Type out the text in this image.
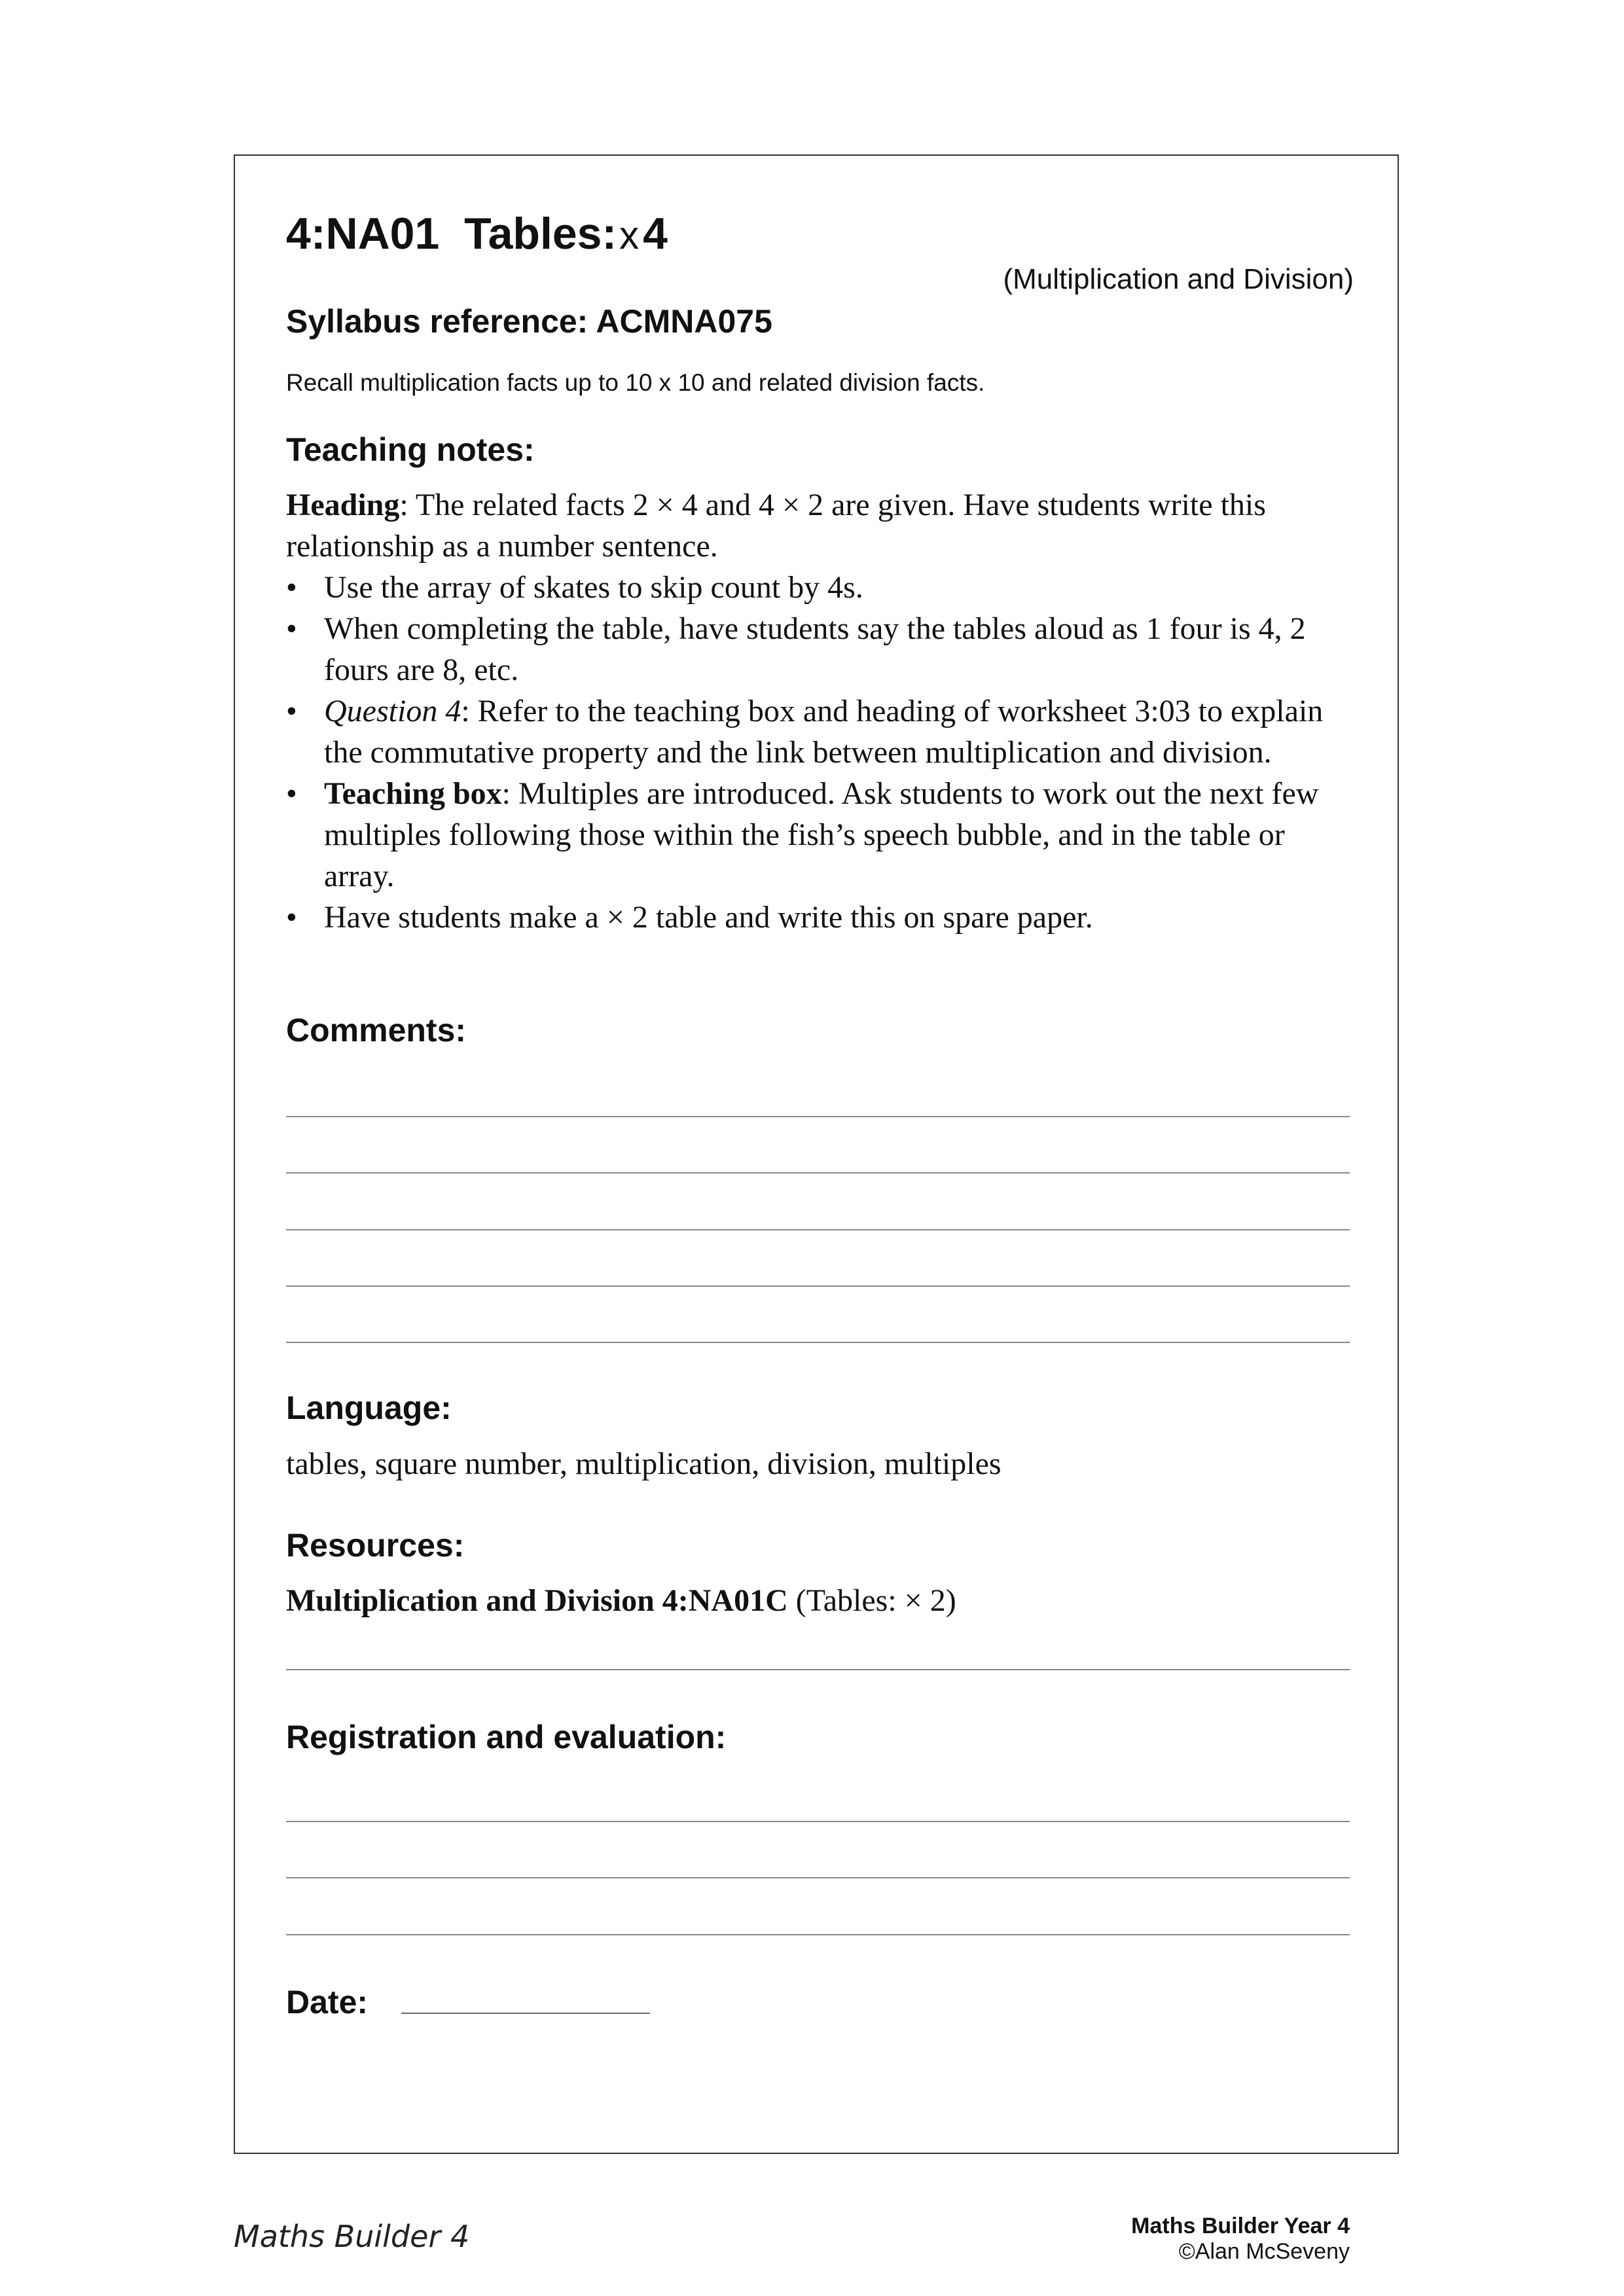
4:NA01 Tables:x4
(Multiplication and Division)
Syllabus reference: ACMNA075
Recall multiplication facts up to 10 x 10 and related division facts.
Teaching notes:

Heading: The related facts 2 × 4 and 4 × 2 are given. Have students write this relationship as a number sentence.

• Use the array of skates to skip count by 4s.
• When completing the table, have students say the tables aloud as 1 four is 4, 2 fours are 8, etc.
• Question 4: Refer to the teaching box and heading of worksheet 3:03 to explain the commutative property and the link between multiplication and division.
• Teaching box: Multiples are introduced. Ask students to work out the next few multiples following those within the fish’s speech bubble, and in the table or array.
• Have students make a × 2 table and write this on spare paper.
Comments:
Language:
tables, square number, multiplication, division, multiples
Resources:
Multiplication and Division 4:NA01C (Tables: × 2)
Registration and evaluation:
Date:
Maths Builder 4	Maths Builder Year 4
©Alan McSeveny
